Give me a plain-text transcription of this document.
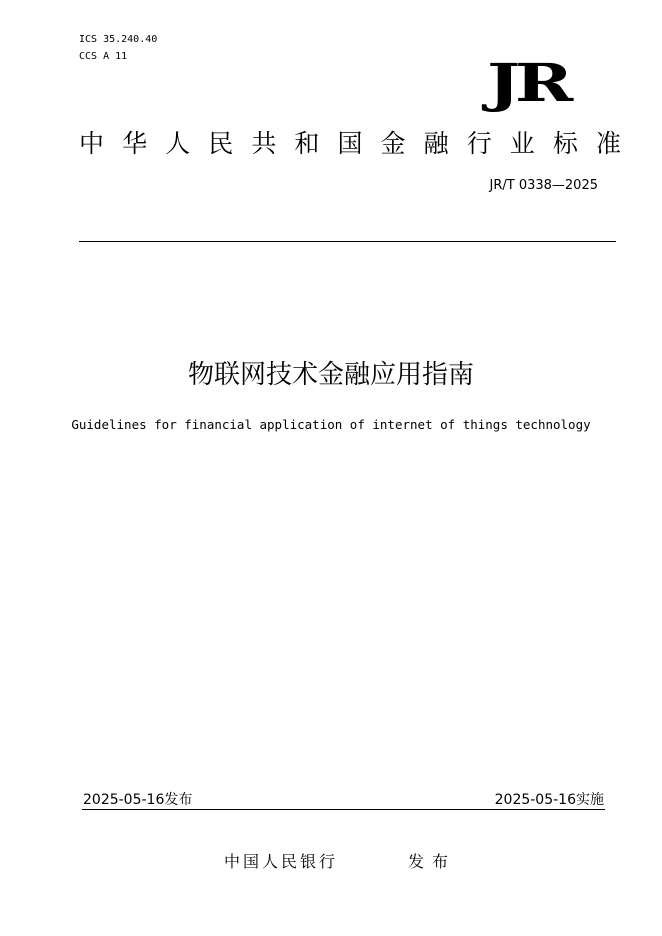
ICS 35.240.40
CCS A 11	JR
中 华 人 民 共 和 国 金 融 行 业 标 准
JR/T 0338—2025
物联网技术金融应用指南
Guidelines for financial application of internet of things technology
2025-05-16发布	2025-05-16实施
中国人民银行	发布
